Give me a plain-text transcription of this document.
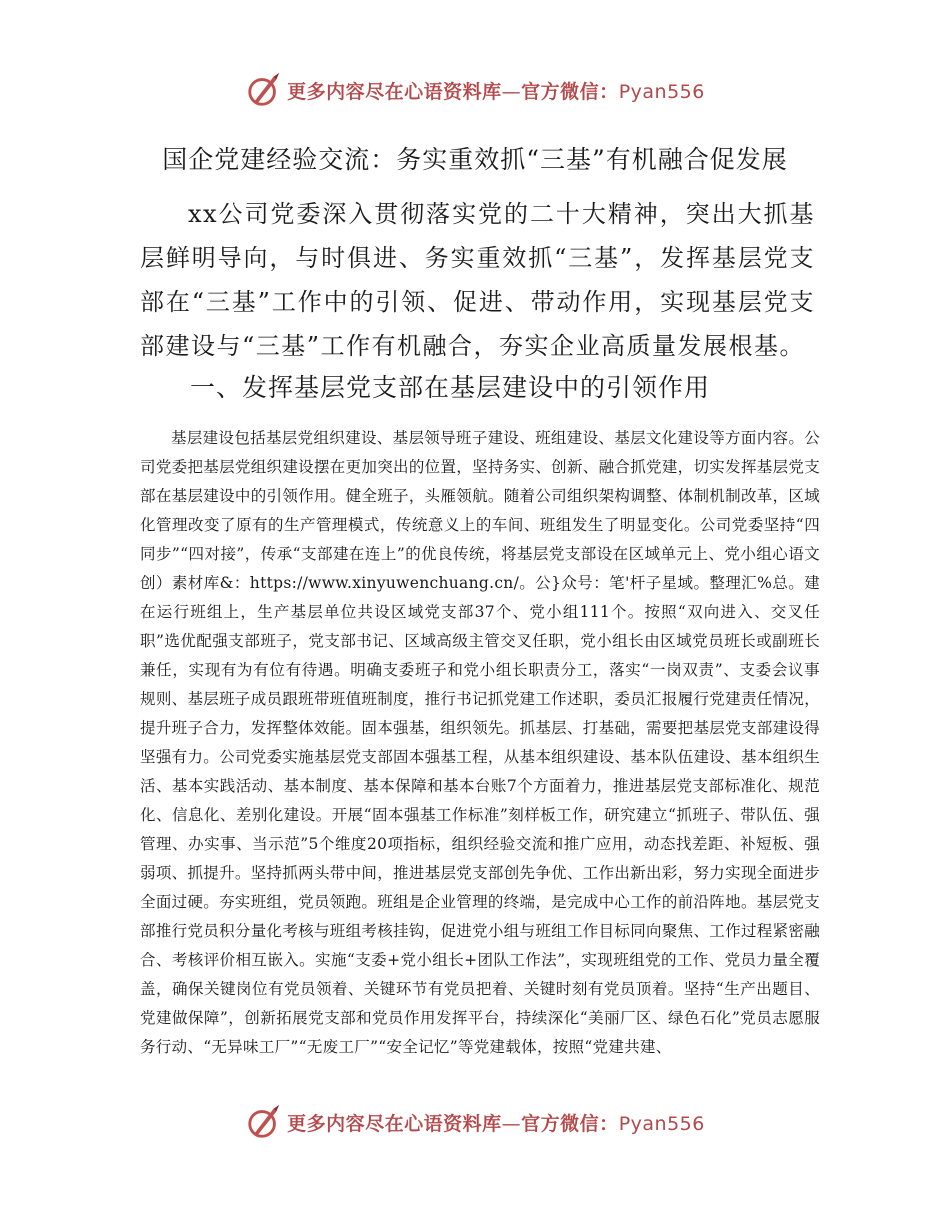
更多内容尽在心语资料库—官方微信：Pyan556
国企党建经验交流：务实重效抓“三基”有机融合促发展

xx公司党委深入贯彻落实党的二十大精神，突出大抓基层鲜明导向，与时俱进、务实重效抓“三基”，发挥基层党支部在“三基”工作中的引领、促进、带动作用，实现基层党支部建设与“三基”工作有机融合，夯实企业高质量发展根基。

一、发挥基层党支部在基层建设中的引领作用

基层建设包括基层党组织建设、基层领导班子建设、班组建设、基层文化建设等方面内容。公司党委把基层党组织建设摆在更加突出的位置，坚持务实、创新、融合抓党建，切实发挥基层党支部在基层建设中的引领作用。健全班子，头雁领航。随着公司组织架构调整、体制机制改革，区域化管理改变了原有的生产管理模式，传统意义上的车间、班组发生了明显变化。公司党委坚持“四同步”“四对接”，传承“支部建在连上”的优良传统，将基层党支部设在区域单元上、党小组心语文创）素材库&：https://www.xinyuwenchuang.cn/。公}众号：笔'杆子星域。整理汇%总。建在运行班组上，生产基层单位共设区域党支部37个、党小组111个。按照“双向进入、交叉任职”选优配强支部班子，党支部书记、区域高级主管交叉任职，党小组长由区域党员班长或副班长兼任，实现有为有位有待遇。明确支委班子和党小组长职责分工，落实“一岗双责”、支委会议事规则、基层班子成员跟班带班值班制度，推行书记抓党建工作述职，委员汇报履行党建责任情况，提升班子合力，发挥整体效能。固本强基，组织领先。抓基层、打基础，需要把基层党支部建设得坚强有力。公司党委实施基层党支部固本强基工程，从基本组织建设、基本队伍建设、基本组织生活、基本实践活动、基本制度、基本保障和基本台账7个方面着力，推进基层党支部标准化、规范化、信息化、差别化建设。开展“固本强基工作标准”刻样板工作，研究建立“抓班子、带队伍、强管理、办实事、当示范”5个维度20项指标，组织经验交流和推广应用，动态找差距、补短板、强弱项、抓提升。坚持抓两头带中间，推进基层党支部创先争优、工作出新出彩，努力实现全面进步全面过硬。夯实班组，党员领跑。班组是企业管理的终端，是完成中心工作的前沿阵地。基层党支部推行党员积分量化考核与班组考核挂钩，促进党小组与班组工作目标同向聚焦、工作过程紧密融合、考核评价相互嵌入。实施“支委+党小组长+团队工作法”，实现班组党的工作、党员力量全覆盖，确保关键岗位有党员领着、关键环节有党员把着、关键时刻有党员顶着。坚持“生产出题目、党建做保障”，创新拓展党支部和党员作用发挥平台，持续深化“美丽厂区、绿色石化”党员志愿服务行动、“无异味工厂”“无废工厂”“安全记忆”等党建载体，按照“党建共建、

更多内容尽在心语资料库—官方微信：Pyan556
